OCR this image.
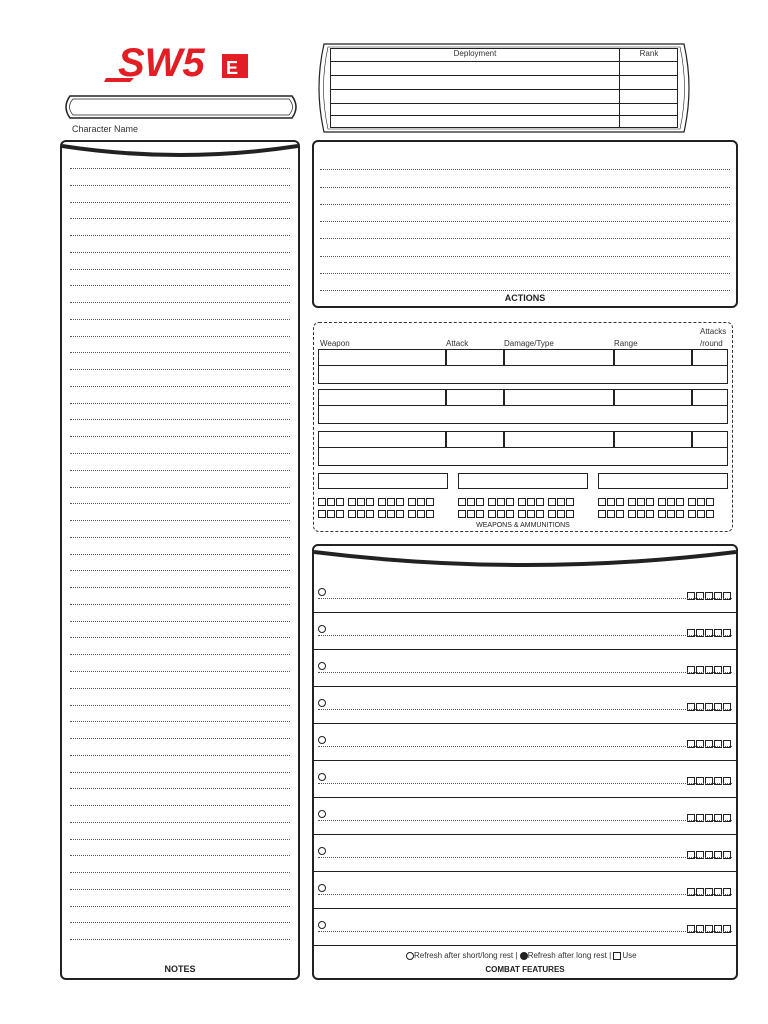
SW5 E
Character Name
Deployment	Rank
NOTES
ACTIONS
Weapon	Attack	Damage/Type	Range
Attacks
/round
WEAPONS & AMMUNITIONS
Refresh after short/long rest | Refresh after long rest | Use
COMBAT FEATURES
